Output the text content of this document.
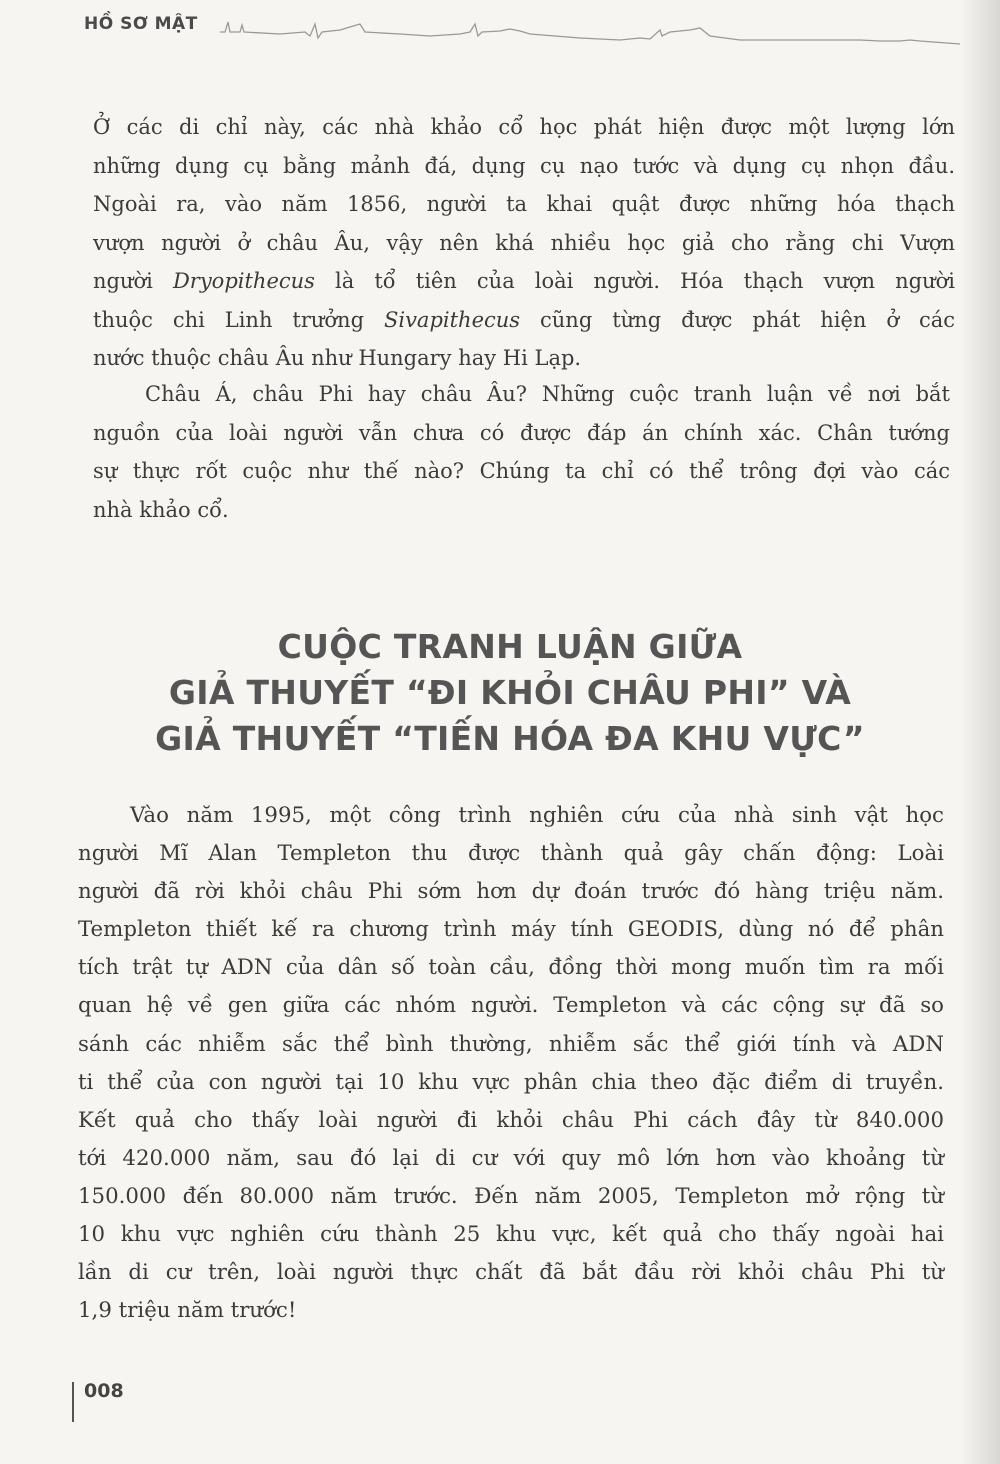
HỒ SƠ MẬT
Ở các di chỉ này, các nhà khảo cổ học phát hiện được một lượng lớn
những dụng cụ bằng mảnh đá, dụng cụ nạo tước và dụng cụ nhọn đầu.
Ngoài ra, vào năm 1856, người ta khai quật được những hóa thạch
vượn người ở châu Âu, vậy nên khá nhiều học giả cho rằng chi Vượn
người Dryopithecus là tổ tiên của loài người. Hóa thạch vượn người
thuộc chi Linh trưởng Sivapithecus cũng từng được phát hiện ở các
nước thuộc châu Âu như Hungary hay Hi Lạp.
Châu Á, châu Phi hay châu Âu? Những cuộc tranh luận về nơi bắt
nguồn của loài người vẫn chưa có được đáp án chính xác. Chân tướng
sự thực rốt cuộc như thế nào? Chúng ta chỉ có thể trông đợi vào các
nhà khảo cổ.
CUỘC TRANH LUẬN GIỮA
GIẢ THUYẾT “ĐI KHỎI CHÂU PHI” VÀ
GIẢ THUYẾT “TIẾN HÓA ĐA KHU VỰC”
Vào năm 1995, một công trình nghiên cứu của nhà sinh vật học
người Mĩ Alan Templeton thu được thành quả gây chấn động: Loài
người đã rời khỏi châu Phi sớm hơn dự đoán trước đó hàng triệu năm.
Templeton thiết kế ra chương trình máy tính GEODIS, dùng nó để phân
tích trật tự ADN của dân số toàn cầu, đồng thời mong muốn tìm ra mối
quan hệ về gen giữa các nhóm người. Templeton và các cộng sự đã so
sánh các nhiễm sắc thể bình thường, nhiễm sắc thể giới tính và ADN
ti thể của con người tại 10 khu vực phân chia theo đặc điểm di truyền.
Kết quả cho thấy loài người đi khỏi châu Phi cách đây từ 840.000
tới 420.000 năm, sau đó lại di cư với quy mô lớn hơn vào khoảng từ
150.000 đến 80.000 năm trước. Đến năm 2005, Templeton mở rộng từ
10 khu vực nghiên cứu thành 25 khu vực, kết quả cho thấy ngoài hai
lần di cư trên, loài người thực chất đã bắt đầu rời khỏi châu Phi từ
1,9 triệu năm trước!
008
